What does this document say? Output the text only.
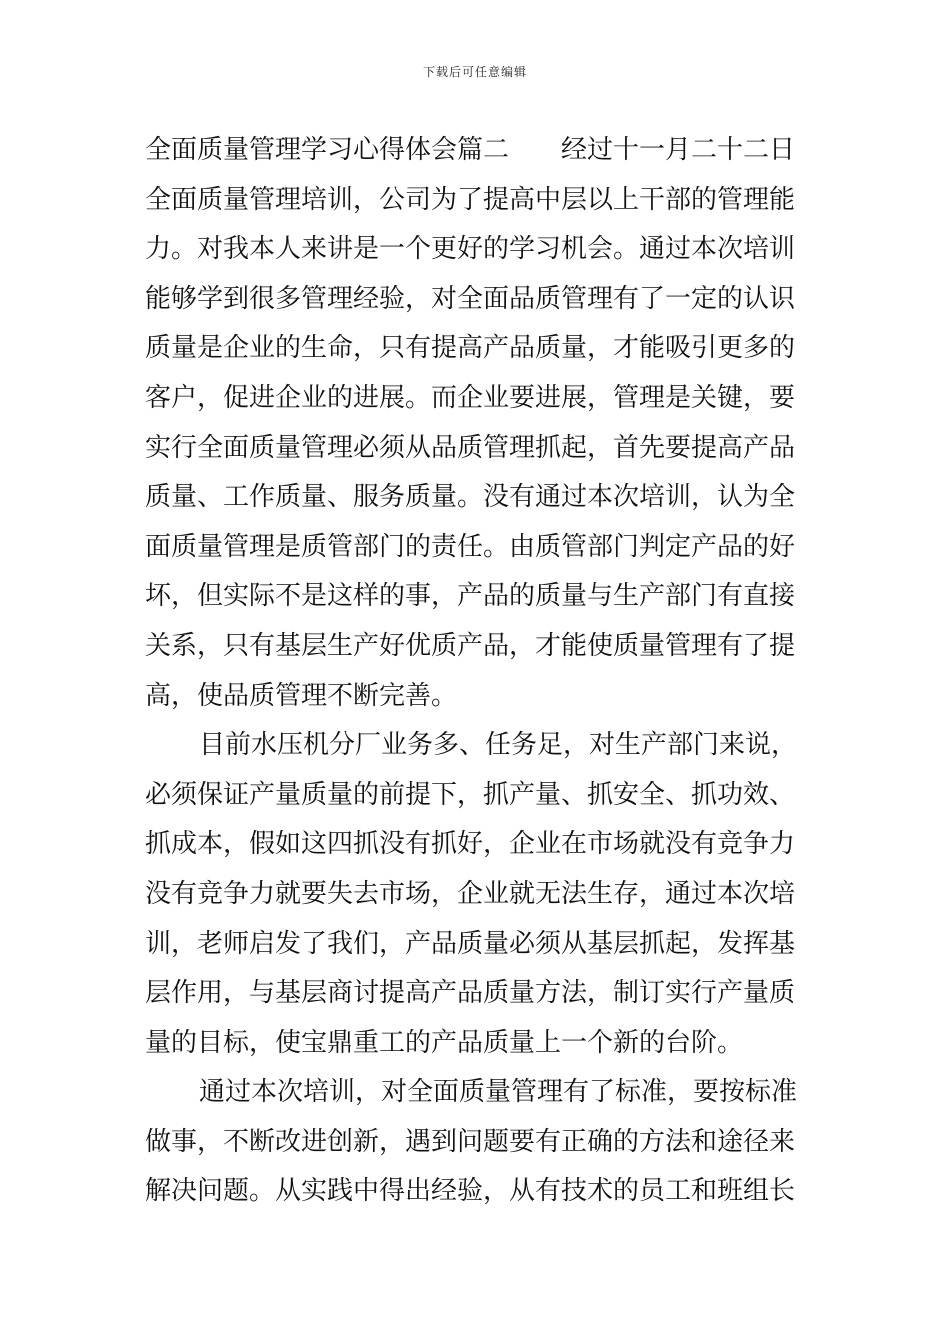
下载后可任意编辑
全面质量管理学习心得体会篇二 经过十一月二十二日
全面质量管理培训，公司为了提高中层以上干部的管理能
力。对我本人来讲是一个更好的学习机会。通过本次培训
能够学到很多管理经验，对全面品质管理有了一定的认识
质量是企业的生命，只有提高产品质量，才能吸引更多的
客户，促进企业的进展。而企业要进展，管理是关键，要
实行全面质量管理必须从品质管理抓起，首先要提高产品
质量、工作质量、服务质量。没有通过本次培训，认为全
面质量管理是质管部门的责任。由质管部门判定产品的好
坏，但实际不是这样的事，产品的质量与生产部门有直接
关系，只有基层生产好优质产品，才能使质量管理有了提
高，使品质管理不断完善。
目前水压机分厂业务多、任务足，对生产部门来说，
必须保证产量质量的前提下，抓产量、抓安全、抓功效、
抓成本，假如这四抓没有抓好，企业在市场就没有竞争力
没有竞争力就要失去市场，企业就无法生存，通过本次培
训，老师启发了我们，产品质量必须从基层抓起，发挥基
层作用，与基层商讨提高产品质量方法，制订实行产量质
量的目标，使宝鼎重工的产品质量上一个新的台阶。
通过本次培训，对全面质量管理有了标准，要按标准
做事，不断改进创新，遇到问题要有正确的方法和途径来
解决问题。从实践中得出经验，从有技术的员工和班组长
